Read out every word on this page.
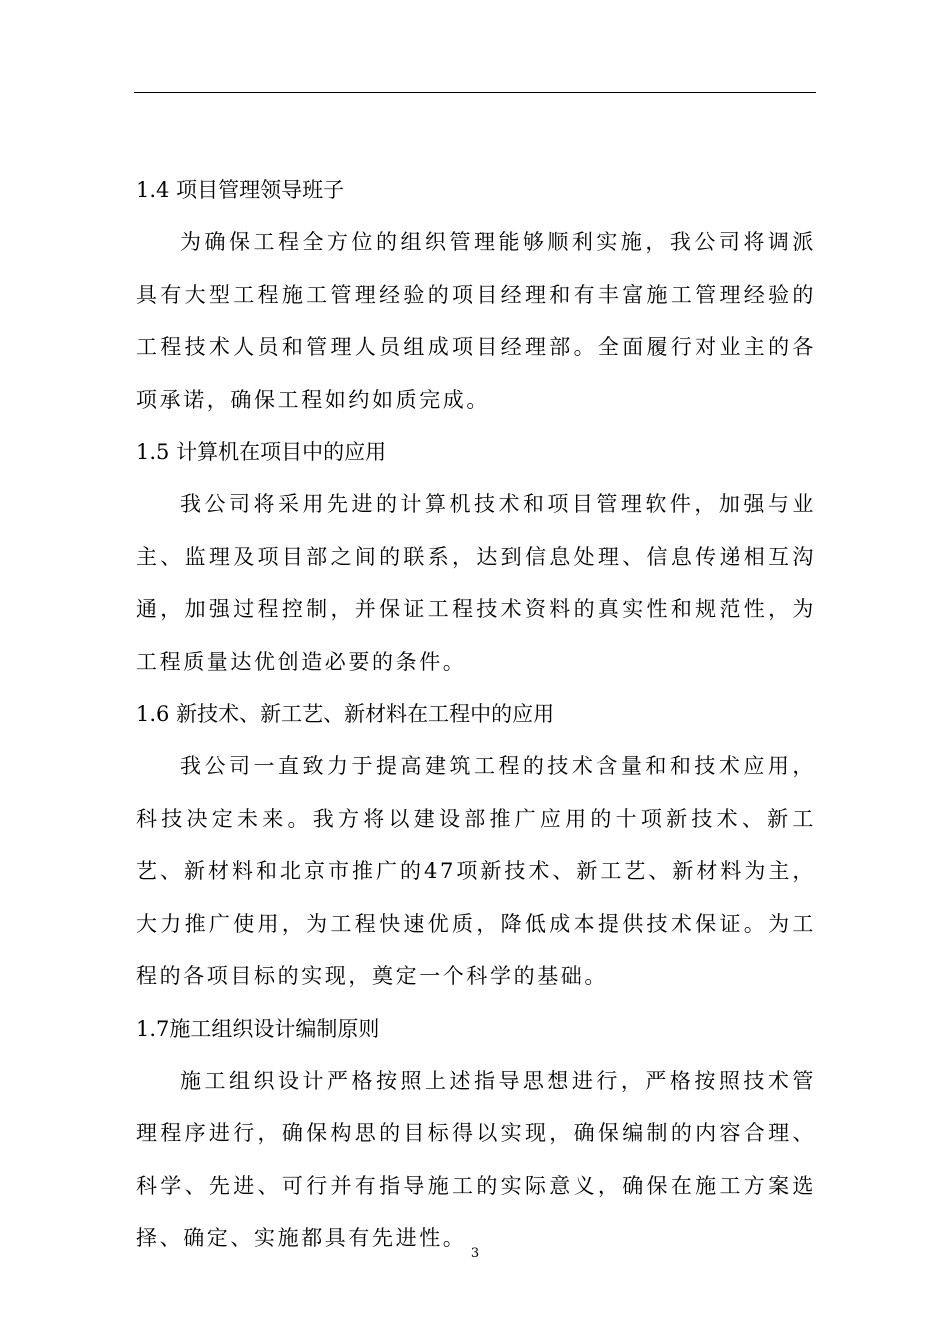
1.4 项目管理领导班子

为确保工程全方位的组织管理能够顺利实施，我公司将调派具有大型工程施工管理经验的项目经理和有丰富施工管理经验的工程技术人员和管理人员组成项目经理部。全面履行对业主的各项承诺，确保工程如约如质完成。

1.5 计算机在项目中的应用

我公司将采用先进的计算机技术和项目管理软件，加强与业主、监理及项目部之间的联系，达到信息处理、信息传递相互沟通，加强过程控制，并保证工程技术资料的真实性和规范性，为工程质量达优创造必要的条件。

1.6 新技术、新工艺、新材料在工程中的应用

我公司一直致力于提高建筑工程的技术含量和和技术应用，科技决定未来。我方将以建设部推广应用的十项新技术、新工艺、新材料和北京市推广的47项新技术、新工艺、新材料为主，大力推广使用，为工程快速优质，降低成本提供技术保证。为工程的各项目标的实现，奠定一个科学的基础。

1.7施工组织设计编制原则

施工组织设计严格按照上述指导思想进行，严格按照技术管理程序进行，确保构思的目标得以实现，确保编制的内容合理、科学、先进、可行并有指导施工的实际意义，确保在施工方案选择、确定、实施都具有先进性。

3
